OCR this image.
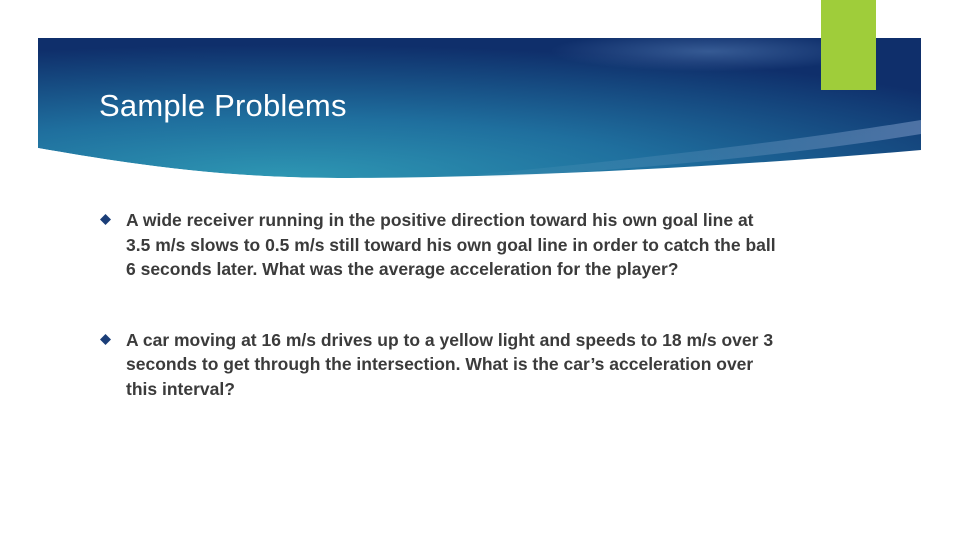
Sample Problems
A wide receiver running in the positive direction toward his own goal line at 3.5 m/s slows to 0.5 m/s still toward his own goal line in order to catch the ball 6 seconds later. What was the average acceleration for the player?
A car moving at 16 m/s drives up to a yellow light and speeds to 18 m/s over 3 seconds to get through the intersection. What is the car’s acceleration over this interval?
